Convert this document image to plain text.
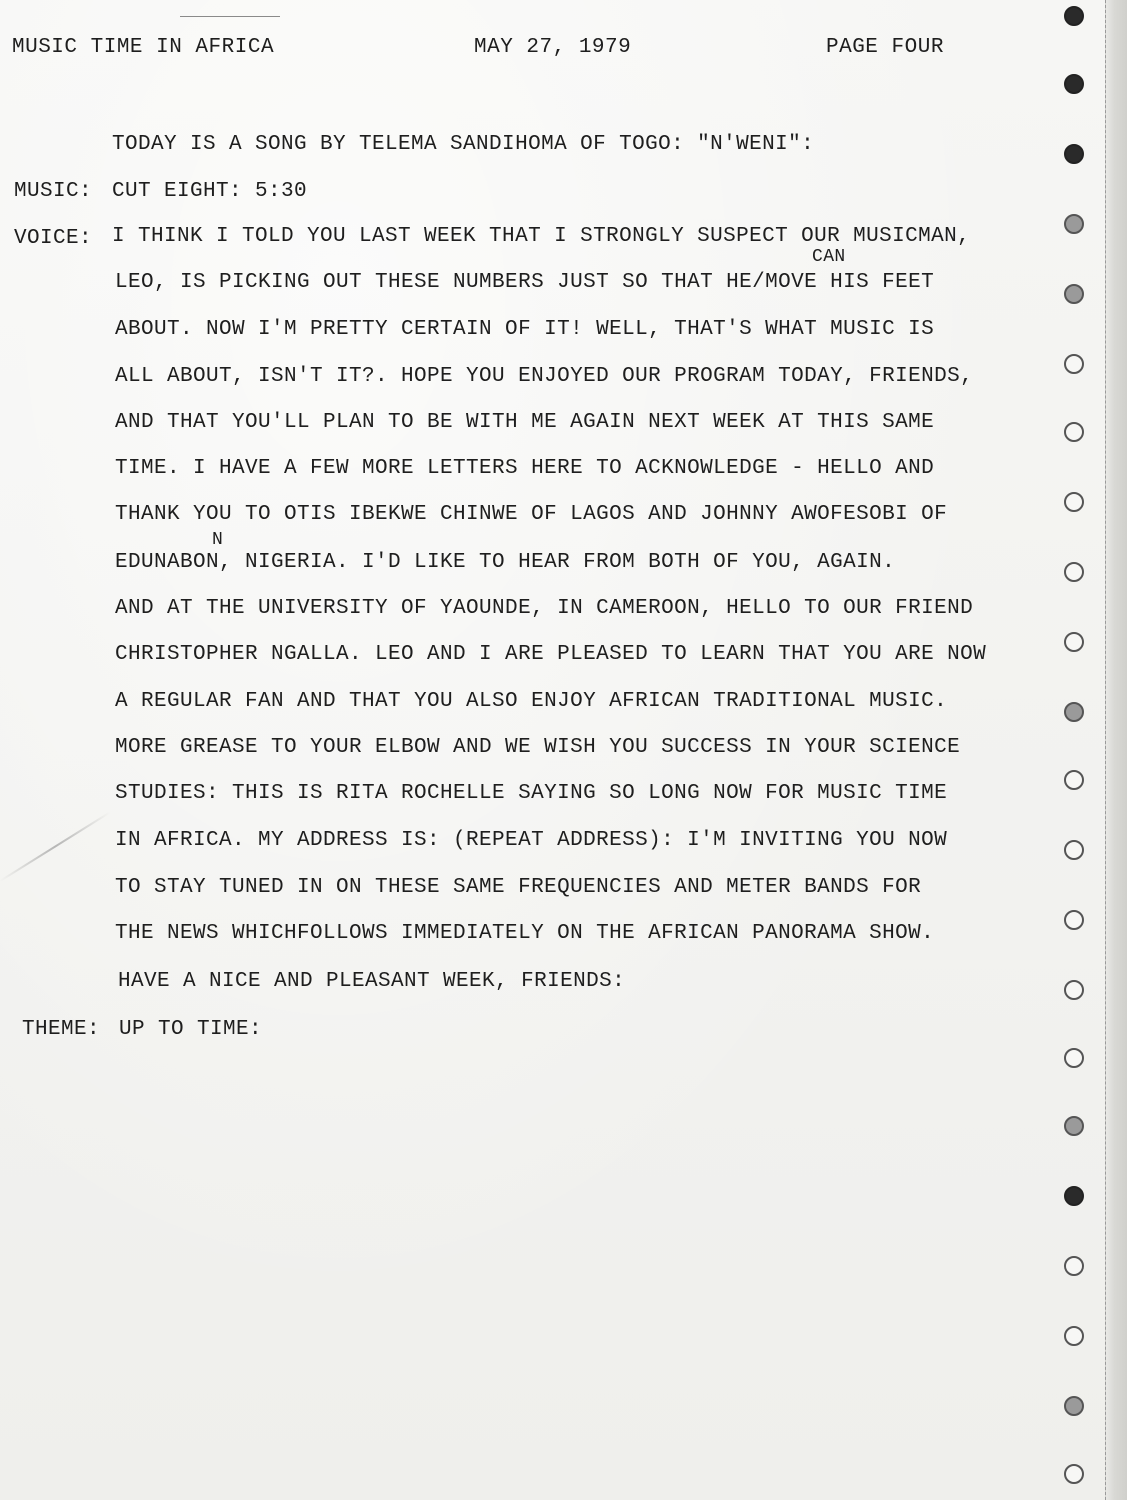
MUSIC TIME IN AFRICA	MAY 27, 1979	PAGE FOUR
TODAY IS A SONG BY TELEMA SANDIHOMA OF TOGO: "N'WENI":
MUSIC: CUT EIGHT: 5:30
VOICE:
CAN
I THINK I TOLD YOU LAST WEEK THAT I STRONGLY SUSPECT OUR MUSICMAN,
LEO, IS PICKING OUT THESE NUMBERS JUST SO THAT HE/MOVE HIS FEET
ABOUT. NOW I'M PRETTY CERTAIN OF IT! WELL, THAT'S WHAT MUSIC IS
ALL ABOUT, ISN'T IT?. HOPE YOU ENJOYED OUR PROGRAM TODAY, FRIENDS,
AND THAT YOU'LL PLAN TO BE WITH ME AGAIN NEXT WEEK AT THIS SAME
TIME. I HAVE A FEW MORE LETTERS HERE TO ACKNOWLEDGE - HELLO AND
THANK YOU TO OTIS IBEKWE CHINWE OF LAGOS AND JOHNNY AWOFESOBI OF
N
EDUNABON, NIGERIA. I'D LIKE TO HEAR FROM BOTH OF YOU, AGAIN.
AND AT THE UNIVERSITY OF YAOUNDE, IN CAMEROON, HELLO TO OUR FRIEND
CHRISTOPHER NGALLA. LEO AND I ARE PLEASED TO LEARN THAT YOU ARE NOW
A REGULAR FAN AND THAT YOU ALSO ENJOY AFRICAN TRADITIONAL MUSIC.
MORE GREASE TO YOUR ELBOW AND WE WISH YOU SUCCESS IN YOUR SCIENCE
STUDIES: THIS IS RITA ROCHELLE SAYING SO LONG NOW FOR MUSIC TIME
IN AFRICA. MY ADDRESS IS: (REPEAT ADDRESS): I'M INVITING YOU NOW
TO STAY TUNED IN ON THESE SAME FREQUENCIES AND METER BANDS FOR
THE NEWS WHICHFOLLOWS IMMEDIATELY ON THE AFRICAN PANORAMA SHOW.
HAVE A NICE AND PLEASANT WEEK, FRIENDS:
THEME: UP TO TIME:
